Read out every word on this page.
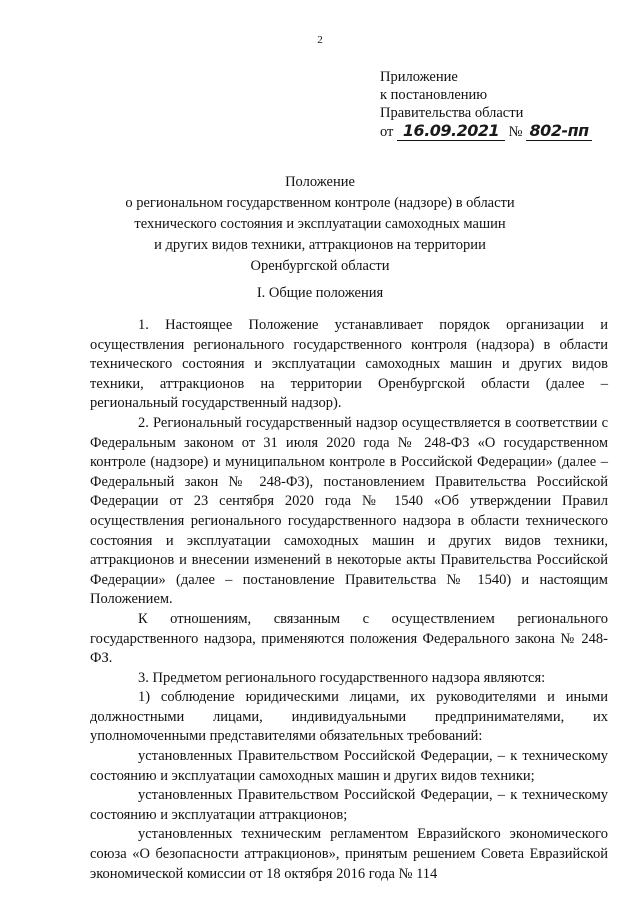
2
Приложение
к постановлению
Правительства области
от 16.09.2021 № 802-пп
Положение
о региональном государственном контроле (надзоре) в области
технического состояния и эксплуатации самоходных машин
и других видов техники, аттракционов на территории
Оренбургской области
I. Общие положения

1. Настоящее Положение устанавливает порядок организации и осуществления регионального государственного контроля (надзора) в области технического состояния и эксплуатации самоходных машин и других видов техники, аттракционов на территории Оренбургской области (далее – региональный государственный надзор).

2. Региональный государственный надзор осуществляется в соответствии с Федеральным законом от 31 июля 2020 года № 248-ФЗ «О государственном контроле (надзоре) и муниципальном контроле в Российской Федерации» (далее – Федеральный закон № 248-ФЗ), постановлением Правительства Российской Федерации от 23 сентября 2020 года № 1540 «Об утверждении Правил осуществления регионального государственного надзора в области технического состояния и эксплуатации самоходных машин и других видов техники, аттракционов и внесении изменений в некоторые акты Правительства Российской Федерации» (далее – постановление Правительства № 1540) и настоящим Положением.

К отношениям, связанным с осуществлением регионального государственного надзора, применяются положения Федерального закона № 248-ФЗ.

3. Предметом регионального государственного надзора являются:

1) соблюдение юридическими лицами, их руководителями и иными должностными лицами, индивидуальными предпринимателями, их уполномоченными представителями обязательных требований:

установленных Правительством Российской Федерации, – к техническому состоянию и эксплуатации самоходных машин и других видов техники;

установленных Правительством Российской Федерации, – к техническому состоянию и эксплуатации аттракционов;

установленных техническим регламентом Евразийского экономического союза «О безопасности аттракционов», принятым решением Совета Евразийской экономической комиссии от 18 октября 2016 года № 114
